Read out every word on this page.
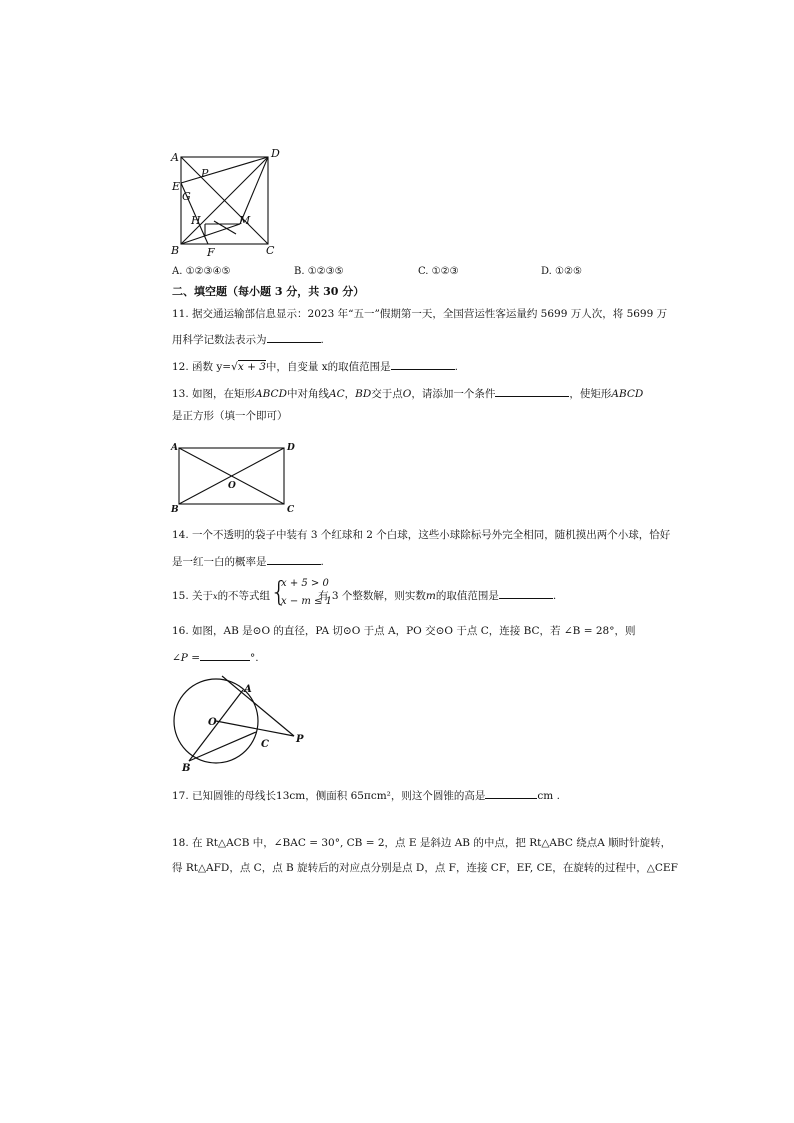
A	D
P
E
G
H	M
B	F	C
A. ①②③④⑤	B. ①②③⑤	C. ①②③	D. ①②⑤
二、填空题（每小题 3 分，共 30 分）
11. 据交通运输部信息显示：2023 年“五一”假期第一天，全国营运性客运量约 5699 万人次，将 5699 万
用科学记数法表示为	.
12. 函数 y=√x + 3中，自变量 x的取值范围是	.
13. 如图，在矩形ABCD中对角线AC，BD交于点O，请添加一个条件	，使矩形ABCD
是正方形（填一个即可）
A	D
O
B	C
14. 一个不透明的袋子中装有 3 个红球和 2 个白球，这些小球除标号外完全相同，随机摸出两个小球，恰好
是一红一白的概率是	.
15. 关于x的不等式组	有 3 个整数解，则实数m的取值范围是	.
{
x + 5 > 0
x − m ≤ 1
16. 如图，AB 是⊙O 的直径，PA 切⊙O 于点 A，PO 交⊙O 于点 C，连接 BC，若 ∠B = 28°，则
∠P =	°.
A
O
C	P
B
17. 已知圆锥的母线长13cm，侧面积 65πcm²，则这个圆锥的高是	cm .
18. 在 Rt△ACB 中，∠BAC = 30°, CB = 2，点 E 是斜边 AB 的中点，把 Rt△ABC 绕点A 顺时针旋转，
得 Rt△AFD，点 C，点 B 旋转后的对应点分别是点 D，点 F，连接 CF，EF, CE，在旋转的过程中，△CEF
